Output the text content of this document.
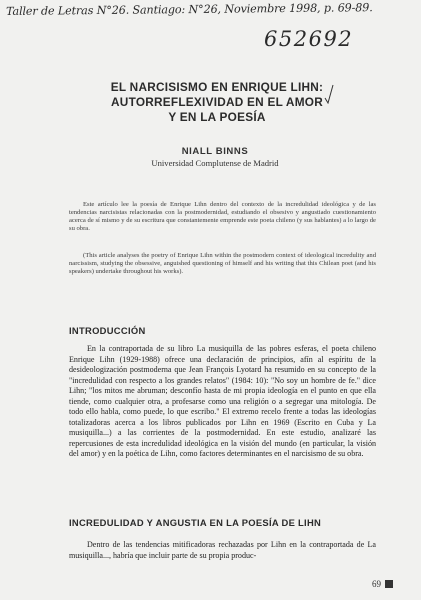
Taller de Letras N°26. Santiago: N°26, Noviembre 1998, p. 69-89.
652692
EL NARCISISMO EN ENRIQUE LIHN:
AUTORREFLEXIVIDAD EN EL AMOR
Y EN LA POESÍA
NIALL BINNS
Universidad Complutense de Madrid
Este artículo lee la poesía de Enrique Lihn dentro del contexto de la incredulidad ideológica y de las tendencias narcisistas relacionadas con la postmodernidad, estudiando el obsesivo y angustiado cuestionamiento acerca de sí mismo y de su escritura que constantemente emprende este poeta chileno (y sus hablantes) a lo largo de su obra.
(This article analyses the poetry of Enrique Lihn within the postmodern context of ideological incredulity and narcissism, studying the obsessive, anguished questioning of himself and his writing that this Chilean poet (and his speakers) undertake throughout his works).
INTRODUCCIÓN
En la contraportada de su libro La musiquilla de las pobres esferas, el poeta chileno Enrique Lihn (1929-1988) ofrece una declaración de principios, afín al espíritu de la desideologización postmoderna que Jean François Lyotard ha resumido en su concepto de la "incredulidad con respecto a los grandes relatos" (1984: 10): "No soy un hombre de fe." dice Lihn; "los mitos me abruman; desconfío hasta de mi propia ideología en el punto en que ella tiende, como cualquier otra, a profesarse como una religión o a segregar una mitología. De todo ello habla, como puede, lo que escribo." El extremo recelo frente a todas las ideologías totalizadoras acerca a los libros publicados por Lihn en 1969 (Escrito en Cuba y La musiquilla...) a las corrientes de la postmodernidad. En este estudio, analizaré las repercusiones de esta incredulidad ideológica en la visión del mundo (en particular, la visión del amor) y en la poética de Lihn, como factores determinantes en el narcisismo de su obra.
INCREDULIDAD Y ANGUSTIA EN LA POESÍA DE LIHN
Dentro de las tendencias mitificadoras rechazadas por Lihn en la contraportada de La musiquilla..., habría que incluir parte de su propia produc-
69
